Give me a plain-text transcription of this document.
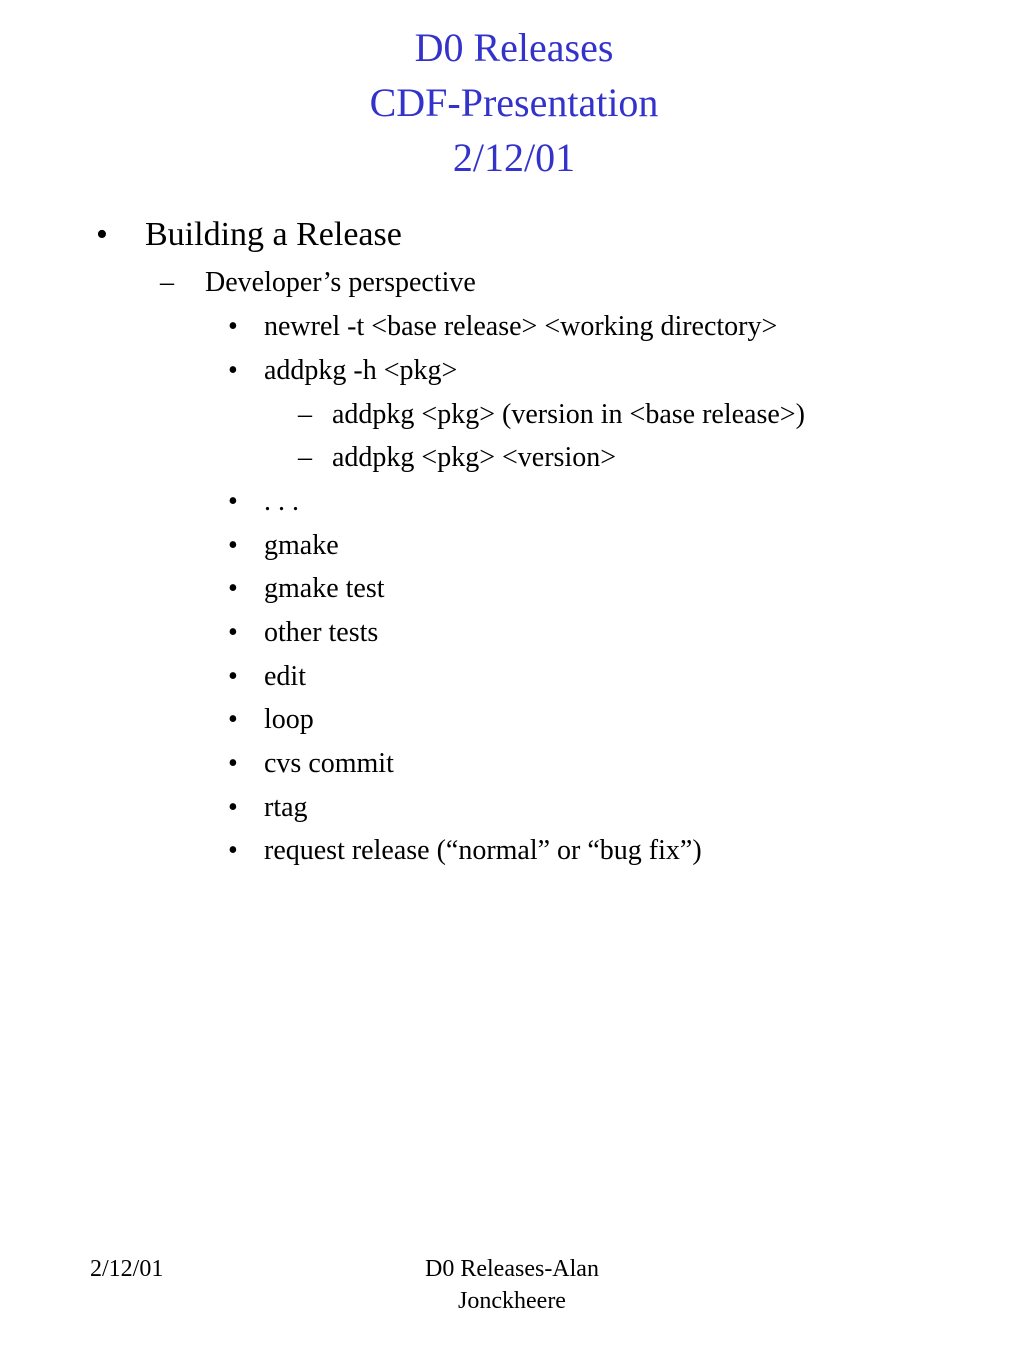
D0 Releases
CDF-Presentation
2/12/01
• Building a Release
– Developer’s perspective
• newrel -t <base release> <working directory>
• addpkg -h <pkg>
– addpkg <pkg> (version in <base release>)
– addpkg <pkg> <version>
• . . .
• gmake
• gmake test
• other tests
• edit
• loop
• cvs commit
• rtag
• request release (“normal” or “bug fix”)
2/12/01	D0 Releases-Alan
Jonckheere
